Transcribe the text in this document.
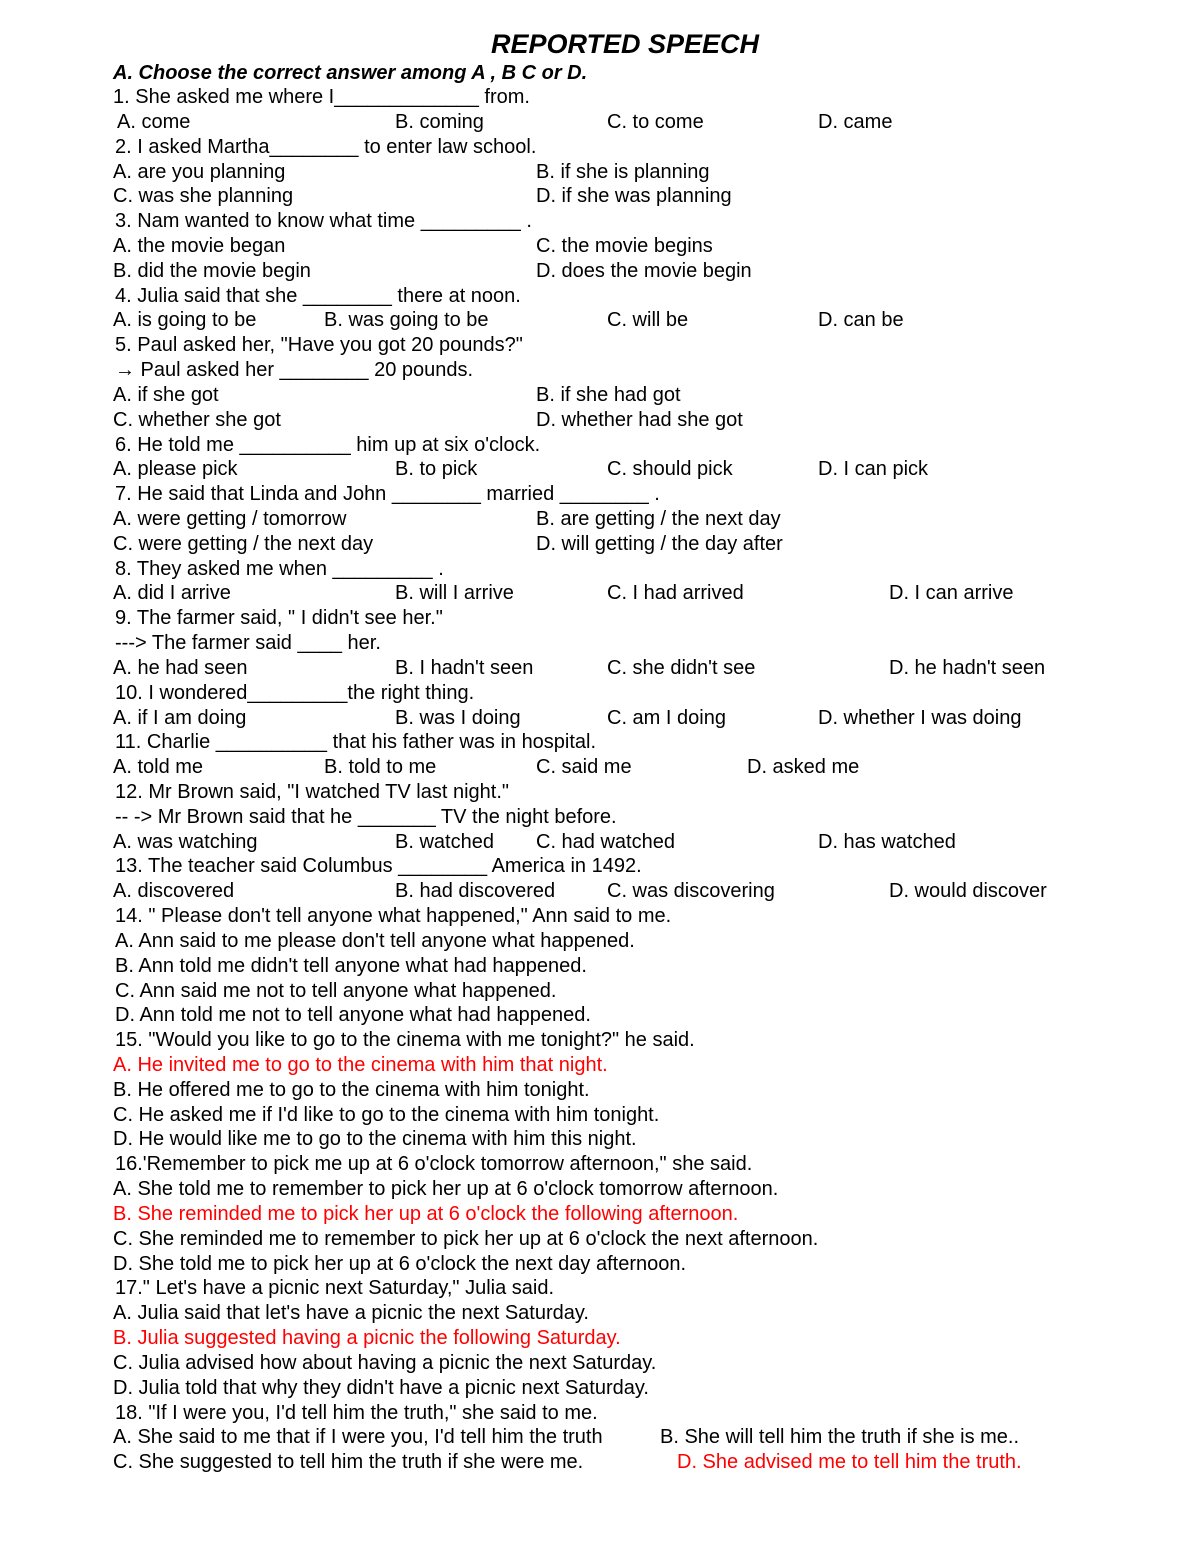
REPORTED SPEECH
A. Choose the correct answer among A , B C or D.
1. She asked me where I_____________ from.
A. come	B. coming	C. to come	D. came
2. I asked Martha________ to enter law school.
A. are you planning	B. if she is planning
C. was she planning	D. if she was planning
3. Nam wanted to know what time _________ .
A. the movie began	C. the movie begins
B. did the movie begin	D. does the movie begin
4. Julia said that she ________ there at noon.
A. is going to be	B. was going to be	C. will be	D. can be
5. Paul asked her, "Have you got 20 pounds?"
→ Paul asked her ________ 20 pounds.
A. if she got	B. if she had got
C. whether she got	D. whether had she got
6. He told me __________ him up at six o'clock.
A. please pick	B. to pick	C. should pick	D. I can pick
7. He said that Linda and John ________ married ________ .
A. were getting / tomorrow	B. are getting / the next day
C. were getting / the next day	D. will getting / the day after
8. They asked me when _________ .
A. did I arrive	B. will I arrive	C. I had arrived	D. I can arrive
9. The farmer said, " I didn't see her."
---> The farmer said ____ her.
A. he had seen	B. I hadn't seen	C. she didn't see	D. he hadn't seen
10. I wondered_________the right thing.
A. if I am doing	B. was I doing	C. am I doing	D. whether I was doing
11. Charlie __________ that his father was in hospital.
A. told me	B. told to me	C. said me	D. asked me
12. Mr Brown said, "I watched TV last night."
-- -> Mr Brown said that he _______ TV the night before.
A. was watching	B. watched C. had watched	D. has watched
13. The teacher said Columbus ________ America in 1492.
A. discovered	B. had discovered	C. was discovering	D. would discover
14. " Please don't tell anyone what happened," Ann said to me.
A. Ann said to me please don't tell anyone what happened.
B. Ann told me didn't tell anyone what had happened.
C. Ann said me not to tell anyone what happened.
D. Ann told me not to tell anyone what had happened.
15. "Would you like to go to the cinema with me tonight?" he said.
A. He invited me to go to the cinema with him that night.
B. He offered me to go to the cinema with him tonight.
C. He asked me if I'd like to go to the cinema with him tonight.
D. He would like me to go to the cinema with him this night.
16.'Remember to pick me up at 6 o'clock tomorrow afternoon," she said.
A. She told me to remember to pick her up at 6 o'clock tomorrow afternoon.
B. She reminded me to pick her up at 6 o'clock the following afternoon.
C. She reminded me to remember to pick her up at 6 o'clock the next afternoon.
D. She told me to pick her up at 6 o'clock the next day afternoon.
17." Let's have a picnic next Saturday," Julia said.
A. Julia said that let's have a picnic the next Saturday.
B. Julia suggested having a picnic the following Saturday.
C. Julia advised how about having a picnic the next Saturday.
D. Julia told that why they didn't have a picnic next Saturday.
18. "If I were you, I'd tell him the truth," she said to me.
A. She said to me that if I were you, I'd tell him the truth	B. She will tell him the truth if she is me..
C. She suggested to tell him the truth if she were me.	D. She advised me to tell him the truth.
